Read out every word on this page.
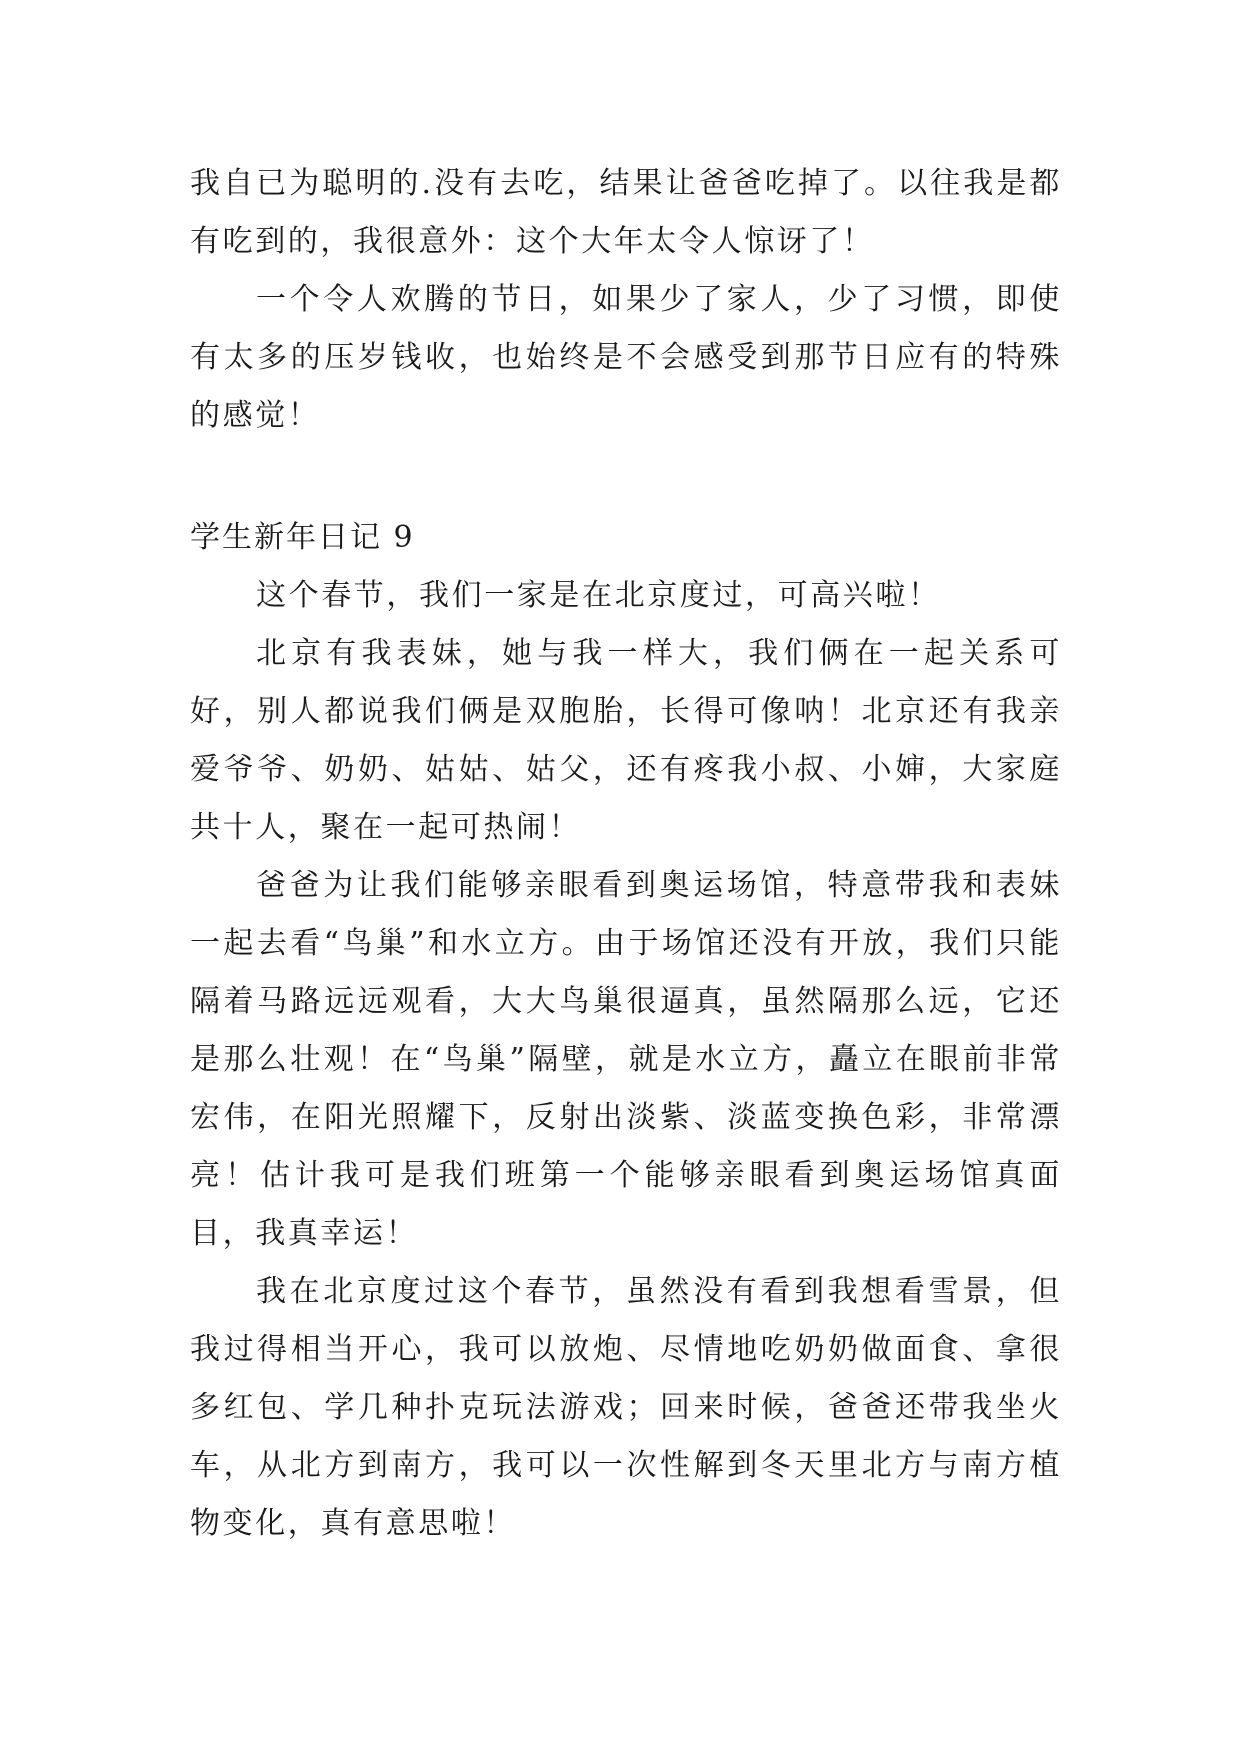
我自已为聪明的.没有去吃，结果让爸爸吃掉了。以往我是都有吃到的，我很意外：这个大年太令人惊讶了！

一个令人欢腾的节日，如果少了家人，少了习惯，即使有太多的压岁钱收，也始终是不会感受到那节日应有的特殊的感觉！

学生新年日记 9

这个春节，我们一家是在北京度过，可高兴啦！

北京有我表妹，她与我一样大，我们俩在一起关系可好，别人都说我们俩是双胞胎，长得可像呐！北京还有我亲爱爷爷、奶奶、姑姑、姑父，还有疼我小叔、小婶，大家庭共十人，聚在一起可热闹！

爸爸为让我们能够亲眼看到奥运场馆，特意带我和表妹一起去看“鸟巢”和水立方。由于场馆还没有开放，我们只能隔着马路远远观看，大大鸟巢很逼真，虽然隔那么远，它还是那么壮观！在“鸟巢”隔壁，就是水立方，矗立在眼前非常宏伟，在阳光照耀下，反射出淡紫、淡蓝变换色彩，非常漂亮！估计我可是我们班第一个能够亲眼看到奥运场馆真面目，我真幸运！

我在北京度过这个春节，虽然没有看到我想看雪景，但我过得相当开心，我可以放炮、尽情地吃奶奶做面食、拿很多红包、学几种扑克玩法游戏；回来时候，爸爸还带我坐火车，从北方到南方，我可以一次性解到冬天里北方与南方植物变化，真有意思啦！
